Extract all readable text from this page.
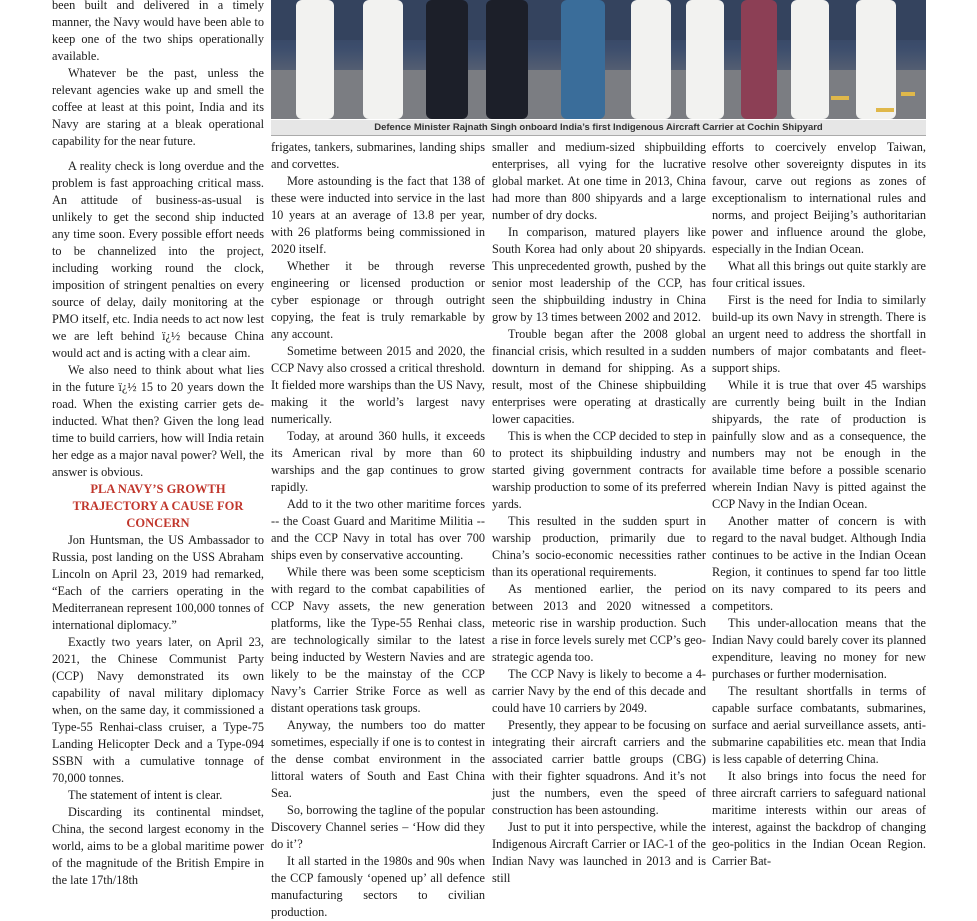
Defence Minister Rajnath Singh onboard India’s first Indigenous Aircraft Carrier at Cochin Shipyard

been built and delivered in a timely manner, the Navy would have been able to keep one of the two ships operationally available.

Whatever be the past, unless the relevant agencies wake up and smell the coffee at least at this point, India and its Navy are staring at a bleak operational capability for the near future.

A reality check is long overdue and the problem is fast approaching critical mass. An attitude of business-as-usual is unlikely to get the second ship inducted any time soon. Every possible effort needs to be channelized into the project, including working round the clock, imposition of stringent penalties on every source of delay, daily monitoring at the PMO itself, etc. India needs to act now lest we are left behind ï¿½ because China would act and is acting with a clear aim.

We also need to think about what lies in the future ï¿½ 15 to 20 years down the road. When the existing carrier gets de-inducted. What then? Given the long lead time to build carriers, how will India retain her edge as a major naval power? Well, the answer is obvious.

PLA NAVY’S GROWTH TRAJECTORY A CAUSE FOR CONCERN

Jon Huntsman, the US Ambassador to Russia, post landing on the USS Abraham Lincoln on April 23, 2019 had remarked, “Each of the carriers operating in the Mediterranean represent 100,000 tonnes of international diplomacy.”

Exactly two years later, on April 23, 2021, the Chinese Communist Party (CCP) Navy demonstrated its own capability of naval military diplomacy when, on the same day, it commissioned a Type-55 Renhai-class cruiser, a Type-75 Landing Helicopter Deck and a Type-094 SSBN with a cumulative tonnage of 70,000 tonnes.

The statement of intent is clear.

Discarding its continental mindset, China, the second largest economy in the world, aims to be a global maritime power of the magnitude of the British Empire in the late 17th/18th

frigates, tankers, submarines, landing ships and corvettes.

More astounding is the fact that 138 of these were inducted into service in the last 10 years at an average of 13.8 per year, with 26 platforms being commissioned in 2020 itself.

Whether it be through reverse engineering or licensed production or cyber espionage or through outright copying, the feat is truly remarkable by any account.

Sometime between 2015 and 2020, the CCP Navy also crossed a critical threshold. It fielded more warships than the US Navy, making it the world’s largest navy numerically.

Today, at around 360 hulls, it exceeds its American rival by more than 60 warships and the gap continues to grow rapidly.

Add to it the two other maritime forces -- the Coast Guard and Maritime Militia -- and the CCP Navy in total has over 700 ships even by conservative accounting.

While there was been some scepticism with regard to the combat capabilities of CCP Navy assets, the new generation platforms, like the Type-55 Renhai class, are technologically similar to the latest being inducted by Western Navies and are likely to be the mainstay of the CCP Navy’s Carrier Strike Force as well as distant operations task groups.

Anyway, the numbers too do matter sometimes, especially if one is to contest in the dense combat environment in the littoral waters of South and East China Sea.

So, borrowing the tagline of the popular Discovery Channel series – ‘How did they do it’?

It all started in the 1980s and 90s when the CCP famously ‘opened up’ all defence manufacturing sectors to civilian production.

smaller and medium-sized shipbuilding enterprises, all vying for the lucrative global market. At one time in 2013, China had more than 800 shipyards and a large number of dry docks.

In comparison, matured players like South Korea had only about 20 shipyards. This unprecedented growth, pushed by the senior most leadership of the CCP, has seen the shipbuilding industry in China grow by 13 times between 2002 and 2012.

Trouble began after the 2008 global financial crisis, which resulted in a sudden downturn in demand for shipping. As a result, most of the Chinese shipbuilding enterprises were operating at drastically lower capacities.

This is when the CCP decided to step in to protect its shipbuilding industry and started giving government contracts for warship production to some of its preferred yards.

This resulted in the sudden spurt in warship production, primarily due to China’s socio-economic necessities rather than its operational requirements.

As mentioned earlier, the period between 2013 and 2020 witnessed a meteoric rise in warship production. Such a rise in force levels surely met CCP’s geo-strategic agenda too.

The CCP Navy is likely to become a 4-carrier Navy by the end of this decade and could have 10 carriers by 2049.

Presently, they appear to be focusing on integrating their aircraft carriers and the associated carrier battle groups (CBG) with their fighter squadrons. And it’s not just the numbers, even the speed of construction has been astounding.

Just to put it into perspective, while the Indigenous Aircraft Carrier or IAC-1 of the Indian Navy was launched in 2013 and is still

efforts to coercively envelop Taiwan, resolve other sovereignty disputes in its favour, carve out regions as zones of exceptionalism to international rules and norms, and project Beijing’s authoritarian power and influence around the globe, especially in the Indian Ocean.

What all this brings out quite starkly are four critical issues.

First is the need for India to similarly build-up its own Navy in strength. There is an urgent need to address the shortfall in numbers of major combatants and fleet-support ships.

While it is true that over 45 warships are currently being built in the Indian shipyards, the rate of production is painfully slow and as a consequence, the numbers may not be enough in the available time before a possible scenario wherein Indian Navy is pitted against the CCP Navy in the Indian Ocean.

Another matter of concern is with regard to the naval budget. Although India continues to be active in the Indian Ocean Region, it continues to spend far too little on its navy compared to its peers and competitors.

This under-allocation means that the Indian Navy could barely cover its planned expenditure, leaving no money for new purchases or further modernisation.

The resultant shortfalls in terms of capable surface combatants, submarines, surface and aerial surveillance assets, anti-submarine capabilities etc. mean that India is less capable of deterring China.

It also brings into focus the need for three aircraft carriers to safeguard national maritime interests within our areas of interest, against the backdrop of changing geo-politics in the Indian Ocean Region. Carrier Bat-
